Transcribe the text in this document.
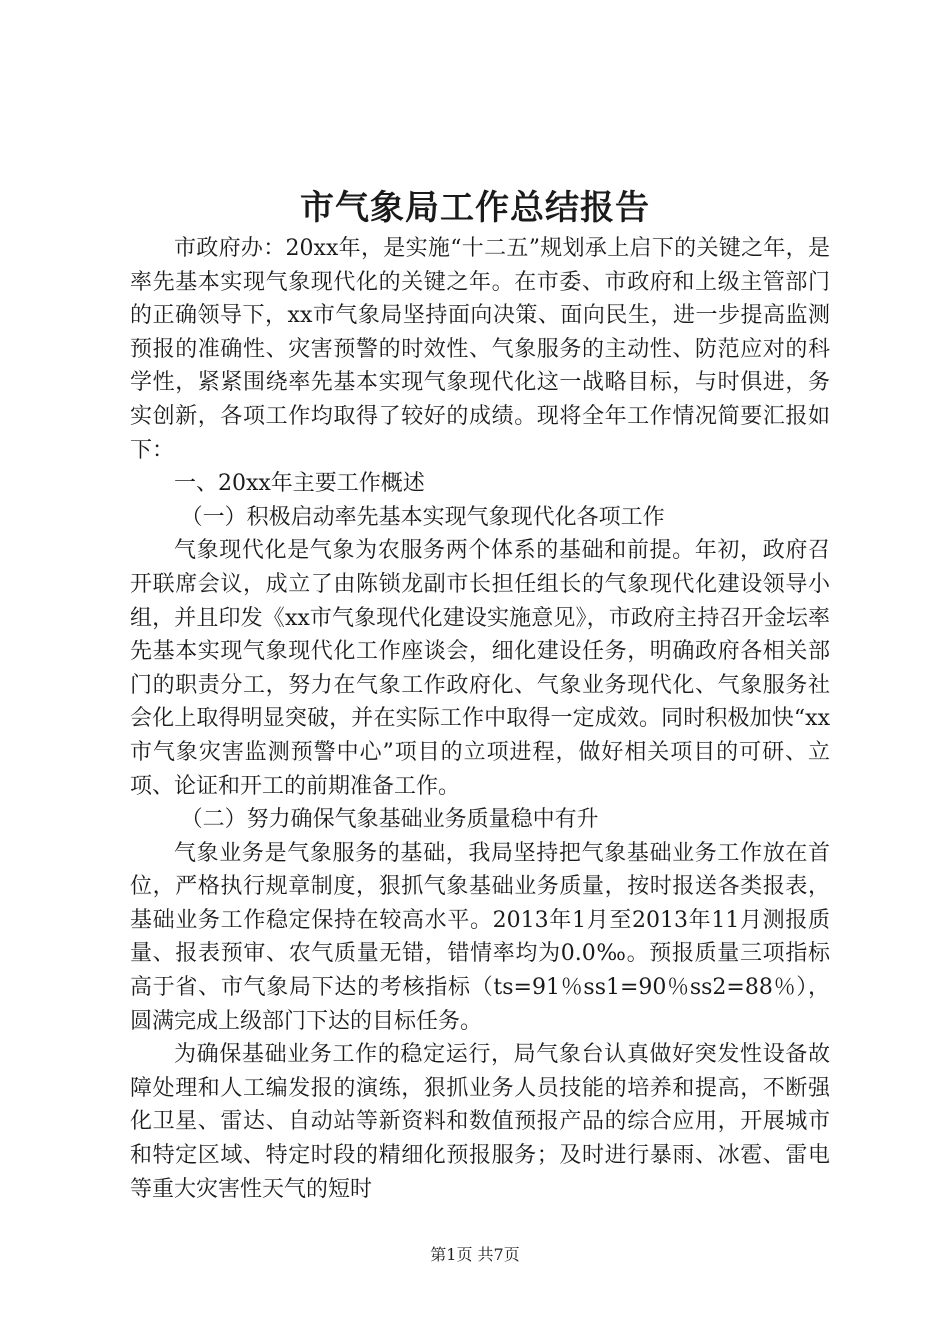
市气象局工作总结报告

市政府办：20xx年，是实施“十二五”规划承上启下的关键之年，是率先基本实现气象现代化的关键之年。在市委、市政府和上级主管部门的正确领导下，xx市气象局坚持面向决策、面向民生，进一步提高监测预报的准确性、灾害预警的时效性、气象服务的主动性、防范应对的科学性，紧紧围绕率先基本实现气象现代化这一战略目标，与时俱进，务实创新，各项工作均取得了较好的成绩。现将全年工作情况简要汇报如下：

一、20xx年主要工作概述

（一）积极启动率先基本实现气象现代化各项工作

气象现代化是气象为农服务两个体系的基础和前提。年初，政府召开联席会议，成立了由陈锁龙副市长担任组长的气象现代化建设领导小组，并且印发《xx市气象现代化建设实施意见》，市政府主持召开金坛率先基本实现气象现代化工作座谈会，细化建设任务，明确政府各相关部门的职责分工，努力在气象工作政府化、气象业务现代化、气象服务社会化上取得明显突破，并在实际工作中取得一定成效。同时积极加快“xx市气象灾害监测预警中心”项目的立项进程，做好相关项目的可研、立项、论证和开工的前期准备工作。

（二）努力确保气象基础业务质量稳中有升

气象业务是气象服务的基础，我局坚持把气象基础业务工作放在首位，严格执行规章制度，狠抓气象基础业务质量，按时报送各类报表，基础业务工作稳定保持在较高水平。2013年1月至2013年11月测报质量、报表预审、农气质量无错，错情率均为0.0‰。预报质量三项指标高于省、市气象局下达的考核指标（ts=91％ss1=90％ss2=88％），圆满完成上级部门下达的目标任务。

为确保基础业务工作的稳定运行，局气象台认真做好突发性设备故障处理和人工编发报的演练，狠抓业务人员技能的培养和提高，不断强化卫星、雷达、自动站等新资料和数值预报产品的综合应用，开展城市和特定区域、特定时段的精细化预报服务；及时进行暴雨、冰雹、雷电等重大灾害性天气的短时

第1页 共7页
